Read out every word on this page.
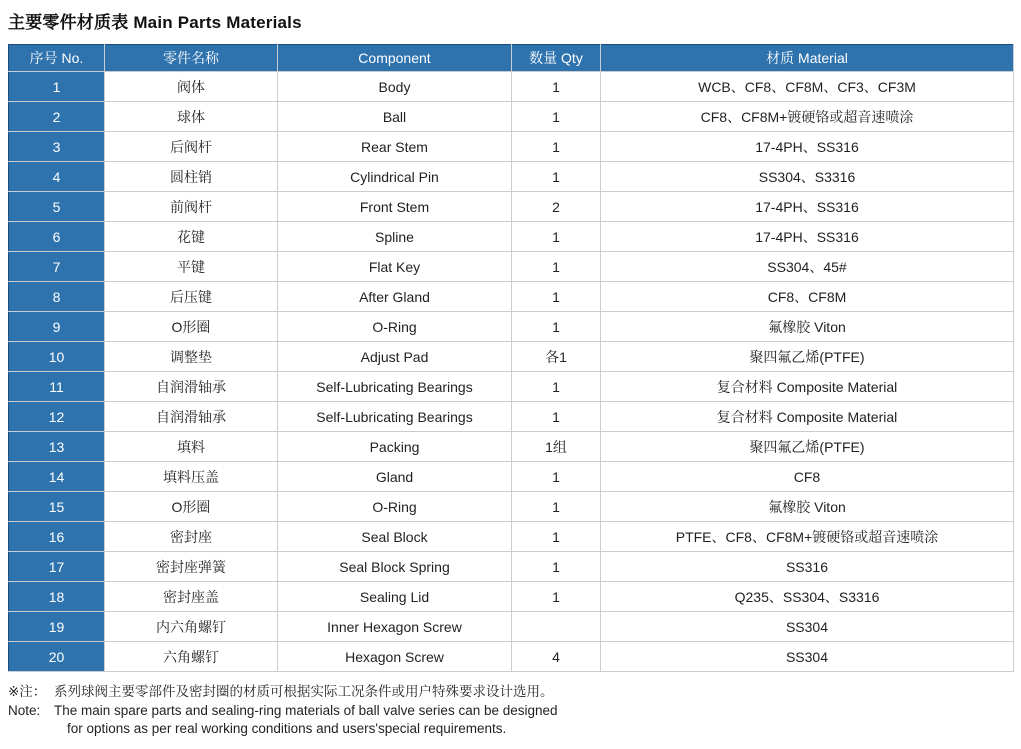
主要零件材质表 Main Parts Materials
序号 No.	零件名称	Component	数量 Qty	材质 Material
1	阀体	Body	1	WCB、CF8、CF8M、CF3、CF3M
2	球体	Ball	1	CF8、CF8M+镀硬铬或超音速喷涂
3	后阀杆	Rear Stem	1	17-4PH、SS316
4	圆柱销	Cylindrical Pin	1	SS304、S3316
5	前阀杆	Front Stem	2	17-4PH、SS316
6	花键	Spline	1	17-4PH、SS316
7	平键	Flat Key	1	SS304、45#
8	后压键	After Gland	1	CF8、CF8M
9	O形圈	O-Ring	1	氟橡胶 Viton
10	调整垫	Adjust Pad	各1	聚四氟乙烯(PTFE)
11	自润滑轴承	Self-Lubricating Bearings	1	复合材料 Composite Material
12	自润滑轴承	Self-Lubricating Bearings	1	复合材料 Composite Material
13	填料	Packing	1组	聚四氟乙烯(PTFE)
14	填料压盖	Gland	1	CF8
15	O形圈	O-Ring	1	氟橡胶 Viton
16	密封座	Seal Block	1	PTFE、CF8、CF8M+镀硬铬或超音速喷涂
17	密封座弹簧	Seal Block Spring	1	SS316
18	密封座盖	Sealing Lid	1	Q235、SS304、S3316
19	内六角螺钉	Inner Hexagon Screw		SS304
20	六角螺钉	Hexagon Screw	4	SS304
※注： 系列球阀主要零部件及密封圈的材质可根据实际工况条件或用户特殊要求设计选用。
Note:	The main spare parts and sealing-ring materials of ball valve series can be designed
for options as per real working conditions and users'special requirements.
